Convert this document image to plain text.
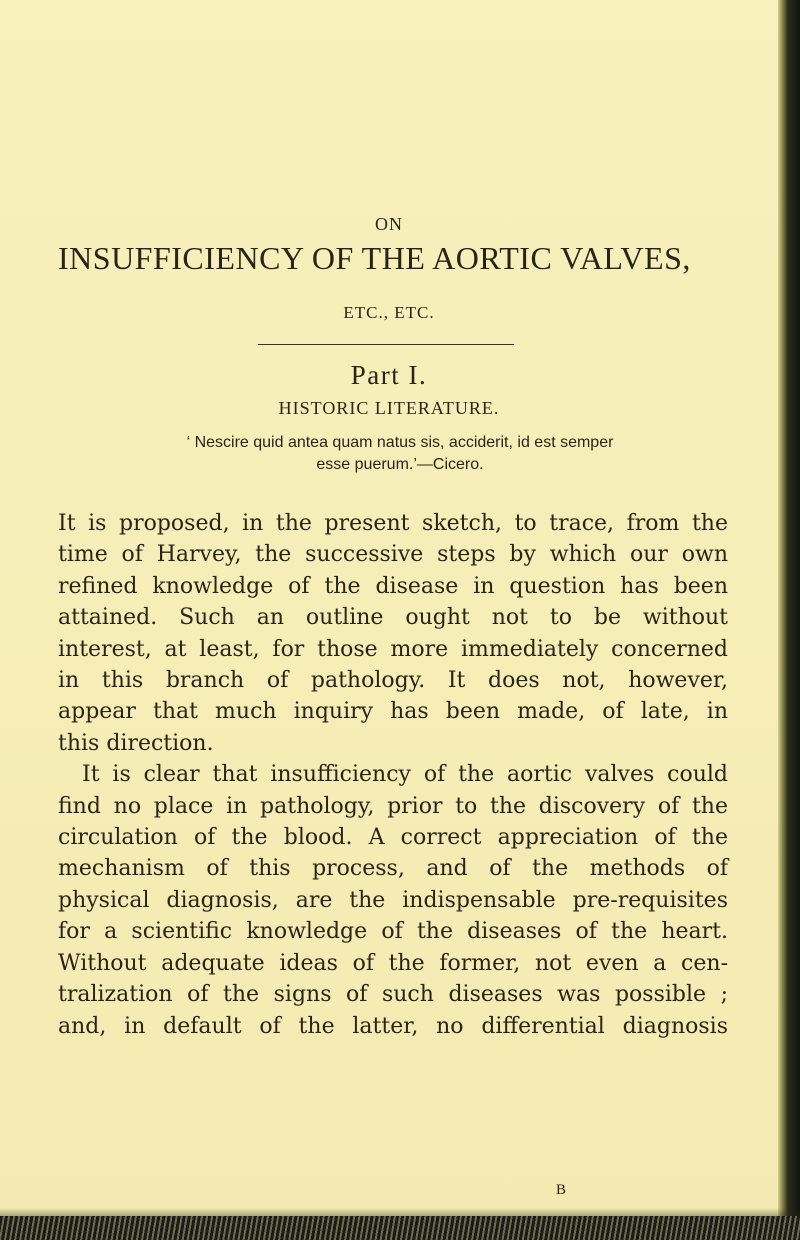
ON
INSUFFICIENCY OF THE AORTIC VALVES,
ETC., ETC.
Part I.
HISTORIC LITERATURE.
‘ Nescire quid antea quam natus sis, acciderit, id est semper
esse puerum.’—Cicero.
It is proposed, in the present sketch, to trace, from the
time of Harvey, the successive steps by which our own
refined knowledge of the disease in question has been
attained. Such an outline ought not to be without
interest, at least, for those more immediately concerned
in this branch of pathology. It does not, however,
appear that much inquiry has been made, of late, in
this direction.
It is clear that insufficiency of the aortic valves could
find no place in pathology, prior to the discovery of the
circulation of the blood. A correct appreciation of the
mechanism of this process, and of the methods of
physical diagnosis, are the indispensable pre-requisites
for a scientific knowledge of the diseases of the heart.
Without adequate ideas of the former, not even a cen-
tralization of the signs of such diseases was possible ;
and, in default of the latter, no differential diagnosis
B
